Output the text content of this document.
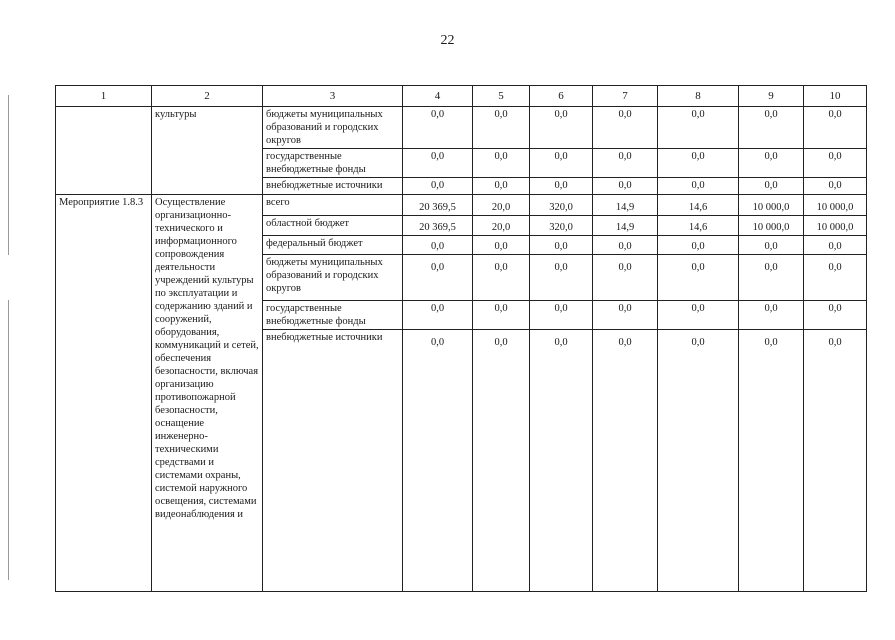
22
1	2	3	4	5	6	7	8	9	10
	культуры	бюджеты муниципальных образований и городских округов	0,0	0,0	0,0	0,0	0,0	0,0	0,0
		государственные внебюджетные фонды	0,0	0,0	0,0	0,0	0,0	0,0	0,0
		внебюджетные источники	0,0	0,0	0,0	0,0	0,0	0,0	0,0
Мероприятие 1.8.3	Осуществление организационно-технического и информационного сопровождения деятельности учреждений культуры по эксплуатации и содержанию зданий и сооружений, оборудования, коммуникаций и сетей, обеспечения безопасности, включая организацию противопожарной безопасности, оснащение инженерно-техническими средствами и системами охраны, системой наружного освещения, системами видеонаблюдения и	всего	20 369,5	20,0	320,0	14,9	14,6	10 000,0	10 000,0
		областной бюджет	20 369,5	20,0	320,0	14,9	14,6	10 000,0	10 000,0
		федеральный бюджет	0,0	0,0	0,0	0,0	0,0	0,0	0,0
		бюджеты муниципальных образований и городских округов	0,0	0,0	0,0	0,0	0,0	0,0	0,0
		государственные внебюджетные фонды	0,0	0,0	0,0	0,0	0,0	0,0	0,0
		внебюджетные источники	0,0	0,0	0,0	0,0	0,0	0,0	0,0
